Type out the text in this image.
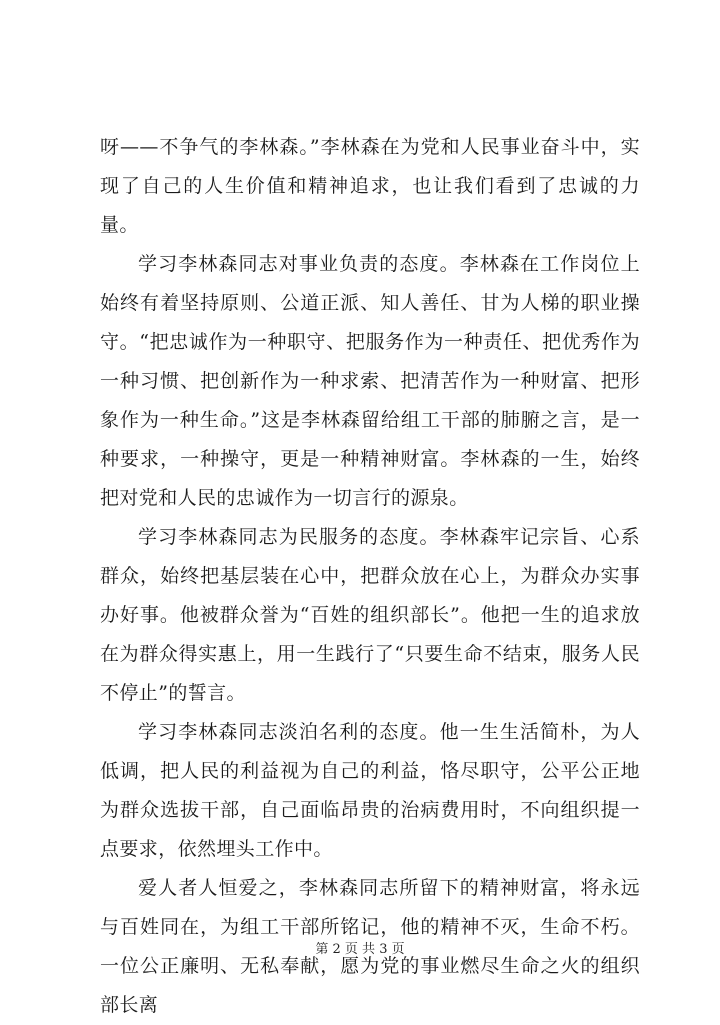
呀——不争气的李林森。”李林森在为党和人民事业奋斗中，实现了自己的人生价值和精神追求，也让我们看到了忠诚的力量。

学习李林森同志对事业负责的态度。李林森在工作岗位上始终有着坚持原则、公道正派、知人善任、甘为人梯的职业操守。“把忠诚作为一种职守、把服务作为一种责任、把优秀作为一种习惯、把创新作为一种求索、把清苦作为一种财富、把形象作为一种生命。”这是李林森留给组工干部的肺腑之言，是一种要求，一种操守，更是一种精神财富。李林森的一生，始终把对党和人民的忠诚作为一切言行的源泉。

学习李林森同志为民服务的态度。李林森牢记宗旨、心系群众，始终把基层装在心中，把群众放在心上，为群众办实事办好事。他被群众誉为“百姓的组织部长”。他把一生的追求放在为群众得实惠上，用一生践行了“只要生命不结束，服务人民不停止”的誓言。

学习李林森同志淡泊名利的态度。他一生生活简朴，为人低调，把人民的利益视为自己的利益，恪尽职守，公平公正地为群众选拔干部，自己面临昂贵的治病费用时，不向组织提一点要求，依然埋头工作中。

爱人者人恒爱之，李林森同志所留下的精神财富，将永远与百姓同在，为组工干部所铭记，他的精神不灭，生命不朽。一位公正廉明、无私奉献，愿为党的事业燃尽生命之火的组织部长离

第 2 页 共 3 页
